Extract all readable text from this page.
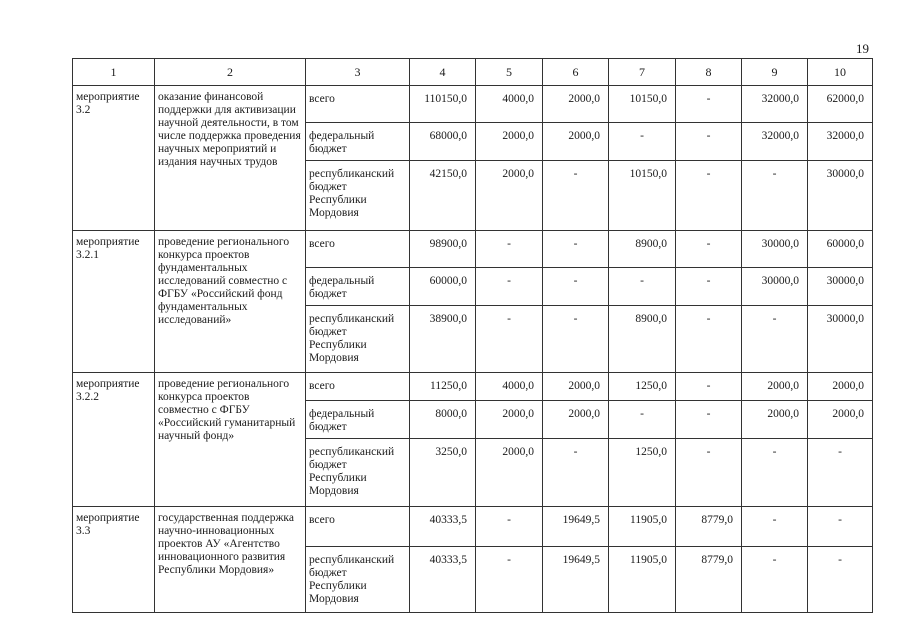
19
1	2	3	4	5	6	7	8	9	10
мероприятие 3.2	оказание финансовой поддержки для активизации научной деятельности, в том числе поддержка проведения научных мероприятий и издания научных трудов	всего	110150,0	4000,0	2000,0	10150,0	-	32000,0	62000,0
		федеральный бюджет	68000,0	2000,0	2000,0	-	-	32000,0	32000,0
		республиканский бюджет Республики Мордовия	42150,0	2000,0	-	10150,0	-	-	30000,0
мероприятие 3.2.1	проведение регионального конкурса проектов фундаментальных исследований совместно с ФГБУ «Российский фонд фундаментальных исследований»	всего	98900,0	-	-	8900,0	-	30000,0	60000,0
		федеральный бюджет	60000,0	-	-	-	-	30000,0	30000,0
		республиканский бюджет Республики Мордовия	38900,0	-	-	8900,0	-	-	30000,0
мероприятие 3.2.2	проведение регионального конкурса проектов совместно с ФГБУ «Российский гуманитарный научный фонд»	всего	11250,0	4000,0	2000,0	1250,0	-	2000,0	2000,0
		федеральный бюджет	8000,0	2000,0	2000,0	-	-	2000,0	2000,0
		республиканский бюджет Республики Мордовия	3250,0	2000,0	-	1250,0	-	-	-
мероприятие 3.3	государственная поддержка научно-инновационных проектов АУ «Агентство инновационного развития Республики Мордовия»	всего	40333,5	-	19649,5	11905,0	8779,0	-	-
		республиканский бюджет Республики Мордовия	40333,5	-	19649,5	11905,0	8779,0	-	-
